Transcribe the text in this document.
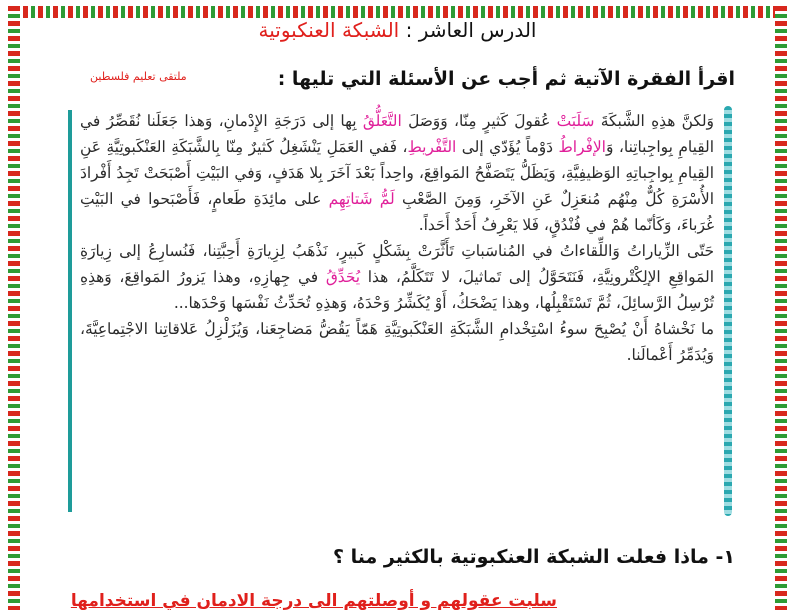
الدرس العاشر : الشبكة العنكبوتية
اقرأ الفقرة الآتية ثم أجب عن الأسئلة التي تليها :
ملتقى تعليم فلسطين

وَلكنَّ هذِهِ الشَّبكَةَ سَلَبَتْ عُقولَ كَثيرٍ مِنّا، وَوَصَلَ التَّعَلُّقُ بِها إلى دَرَجَةِ الإِدْمانِ، وَهذا جَعَلَنا نُقَصِّرُ في القِيامِ بِواجِباتِنا، وَالإفْراطُ دَوْماً يُؤَدّي إلى التَّفْريطِ، فَفي العَمَلِ يَنْشَغِلُ كَثيرٌ مِنّا بِالشَّبَكَةِ العَنْكَبوتِيَّةِ عَنِ القِيامِ بِواجِباتِهِ الوَظيفِيَّةِ، وَيَظَلُّ يَتَصَفَّحُ المَواقِعَ، واحِداً بَعْدَ آخَرَ بِلا هَدَفٍ، وَفي البَيْتِ أَصْبَحَتْ تَجِدُ أَفْرادَ الأُسْرَةِ كُلٌّ مِنْهُم مُنعَزِلٌ عَنِ الآخَرِ، وَمِنَ الصَّعْبِ لَمُّ شَتاتِهِم على مائِدَةِ طَعامٍ، فَأَصْبَحوا في البَيْتِ غُرَباءَ، وَكَأنّما هُمْ في فُنْدُقٍ، فَلا يَعْرِفُ أَحَدٌ أَحَداً.

حَتّى الزِّياراتُ وَاللِّقاءاتُ في المُناسَباتِ تَأَثَّرَتْ بِشَكْلٍ كَبيرٍ، نَذْهَبُ لِزِيارَةِ أَحِبَّتِنا، فَنُسارِعُ إلى زِيارَةِ المَواقِعِ الإلِكْتْرونِيَّةِ، فَنَتَحَوَّلُ إلى تَماثيلَ، لا تَتَكَلَّمُ، هذا يُحَدِّقُ في جِهازِهِ، وهذا يَزورُ المَواقِعَ، وَهذِهِ تُرْسِلُ الرَّسائِلَ، ثُمَّ تَسْتَقْبِلُها، وهذا يَضْحَكُ، أَوْ يُكَشِّرُ وَحْدَهُ، وَهذِهِ تُحَدِّثُ نَفْسَها وَحْدَها...

ما نَخْشاهُ أَنْ يُصْبِحَ سوءُ اسْتِخْدامِ الشَّبَكَةِ العَنْكَبوتِيَّةِ هَمّاً يَقُضُّ مَضاجِعَنا، وَيُزَلْزِلُ عَلاقاتِنا الاجْتِماعِيَّةَ، وَيُدَمِّرُ أَعْمالَنا.

١- ماذا فعلت الشبكة العنكبوتية بالكثير منا ؟
سلبت عقولهم و أوصلتهم الى درجة الادمان في استخدامها
